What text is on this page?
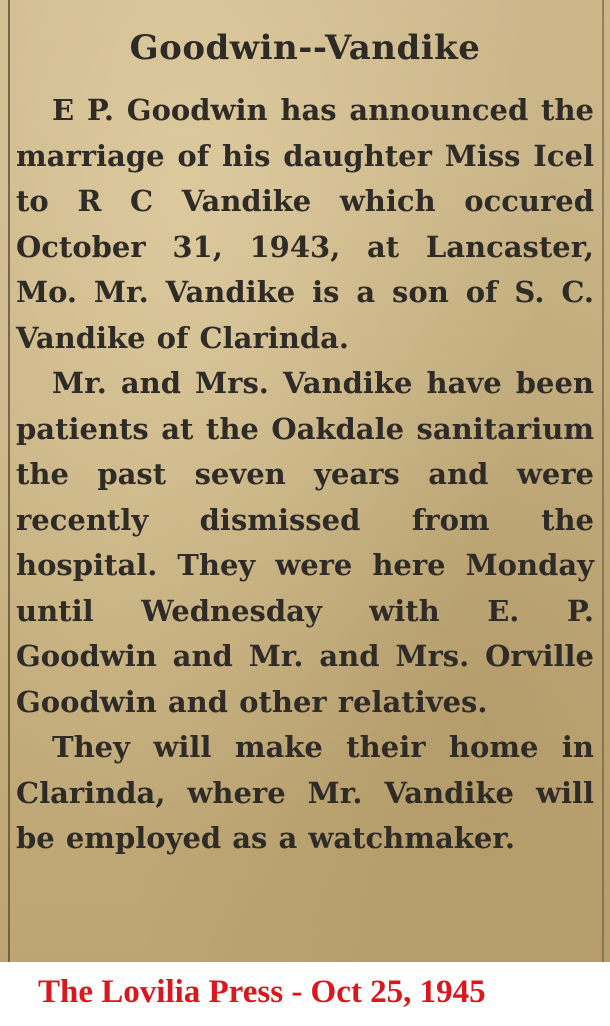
Goodwin--Vandike

E P. Goodwin has announced the marriage of his daughter Miss Icel to R C Vandike which occured October 31, 1943, at Lancaster, Mo. Mr. Vandike is a son of S. C. Vandike of Clarinda.

Mr. and Mrs. Vandike have been patients at the Oakdale sanitarium the past seven years and were recently dismissed from the hospital. They were here Monday until Wednesday with E. P. Goodwin and Mr. and Mrs. Orville Goodwin and other relatives.

They will make their home in Clarinda, where Mr. Vandike will be employed as a watchmaker.

The Lovilia Press - Oct 25, 1945
